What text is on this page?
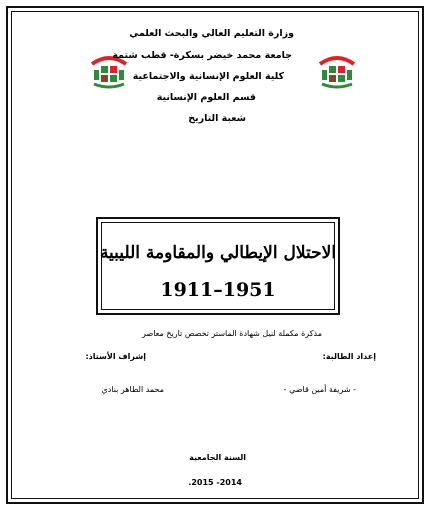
وزارة التعليم العالي والبحث العلمي
جامعة محمد خيضر بسكرة- قطب شتمة
كلية العلوم الإنسانية والاجتماعية
قسم العلوم الإنسانية
شعبة التاريخ
الاحتلال الإيطالي والمقاومة الليبية
1911–1951
مذكرة مكملة لنيل شهادة الماستر تخصص تاريخ معاصر
إعداد الطالبة:
إشراف الأستاذ:
- شريفة أمين قاضي -
محمد الطاهر بنادي
السنة الجامعية
.2015 -2014
